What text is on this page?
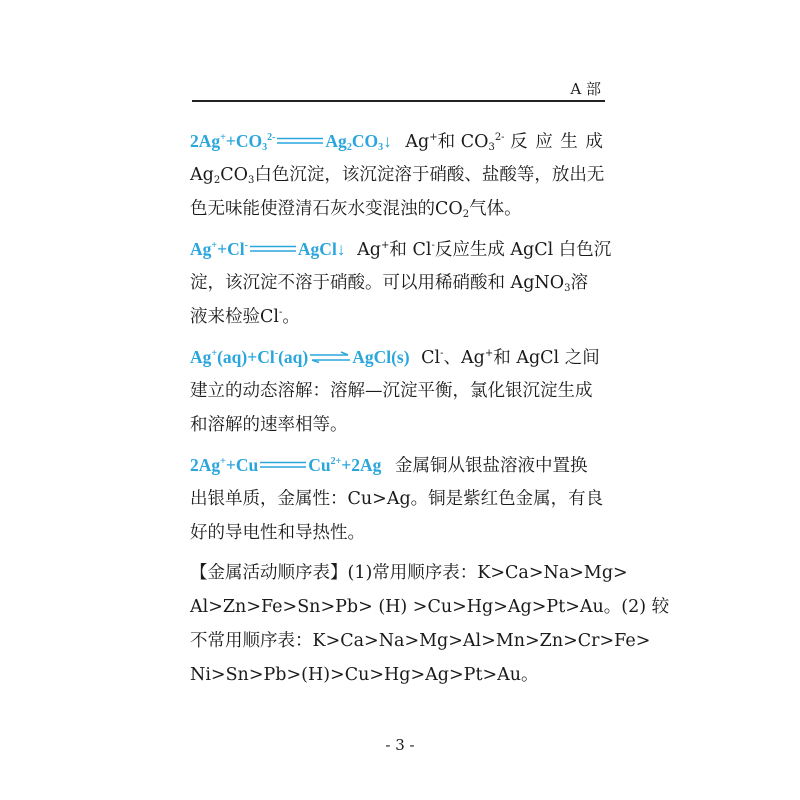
A 部
$2Ag^++CO_3^{2-}$	$Ag_2CO_3↓$ Ag+和 $CO_3^{2-}$ 反 应 生 成
$Ag_2CO_3$白色沉淀，该沉淀溶于硝酸、盐酸等，放出无
色无味能使澄清石灰水变混浊的$CO_2$气体。
Ag++Cl-	AgCl↓ Ag+和 Cl-反应生成 AgCl 白色沉
淀，该沉淀不溶于硝酸。可以用稀硝酸和 AgNO$_3$溶
液来检验Cl-。
Ag+(aq)+Cl-(aq) ⇌ AgCl(s) Cl-、Ag+和 AgCl 之间
建立的动态溶解：溶解—沉淀平衡，氯化银沉淀生成
和溶解的速率相等。
2Ag++Cu	$Cu^{2+}+2Ag$ 金属铜从银盐溶液中置换
出银单质，金属性：Cu>Ag。铜是紫红色金属，有良
好的导电性和导热性。
【金属活动顺序表】(1)常用顺序表：K>Ca>Na>Mg>
Al>Zn>Fe>Sn>Pb> (H) >Cu>Hg>Ag>Pt>Au。(2) 较
不常用顺序表：K>Ca>Na>Mg>Al>Mn>Zn>Cr>Fe>
Ni>Sn>Pb>(H)>Cu>Hg>Ag>Pt>Au。
- 3 -
